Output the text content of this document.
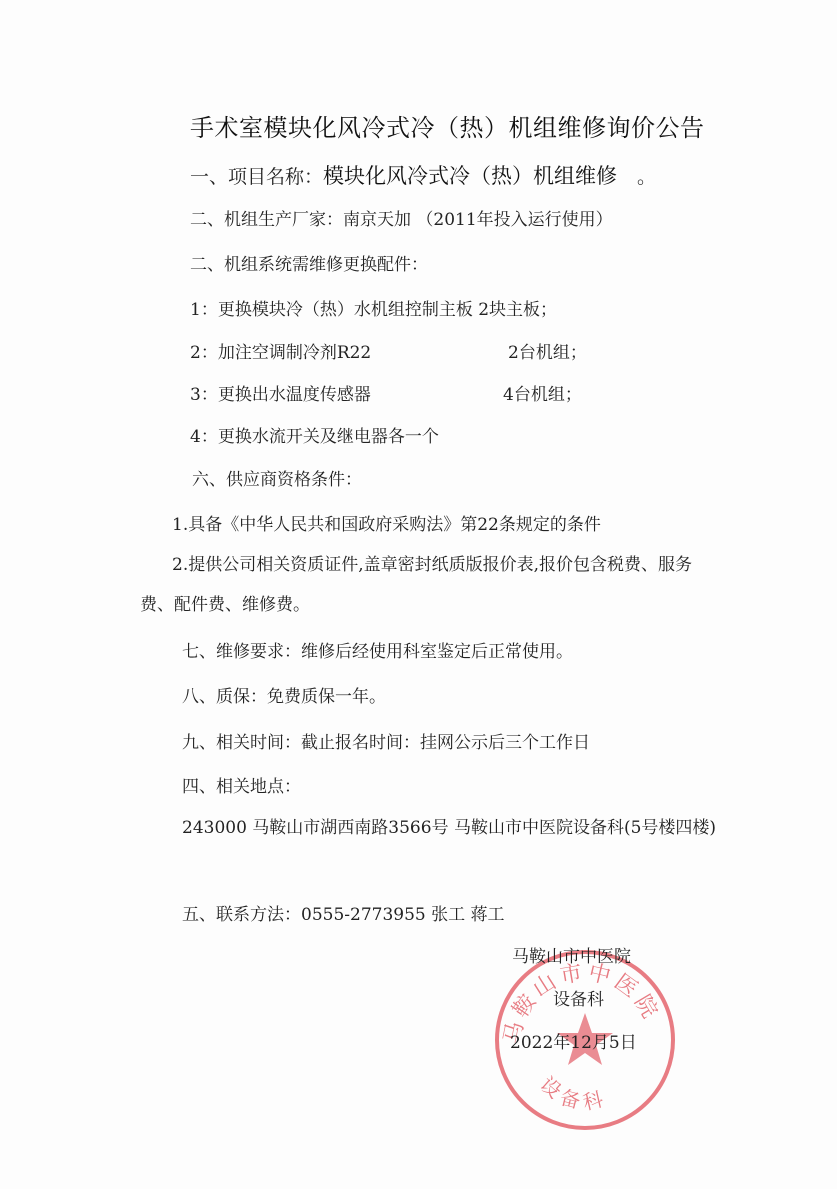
手术室模块化风冷式冷（热）机组维修询价公告
一、项目名称：模块化风冷式冷（热）机组维修 。
二、机组生产厂家：南京天加 （2011年投入运行使用）
二、机组系统需维修更换配件：
1：更换模块冷（热）水机组控制主板 2块主板；
2：加注空调制冷剂R22	2台机组；
3：更换出水温度传感器	4台机组；
4：更换水流开关及继电器各一个
六、供应商资格条件：
1.具备《中华人民共和国政府采购法》第22条规定的条件
2.提供公司相关资质证件,盖章密封纸质版报价表,报价包含税费、服务费、配件费、维修费。
七、维修要求：维修后经使用科室鉴定后正常使用。
八、质保：免费质保一年。
九、相关时间：截止报名时间：挂网公示后三个工作日
四、相关地点：
243000 马鞍山市湖西南路3566号 马鞍山市中医院设备科(5号楼四楼)
五、联系方法：0555-2773955 张工 蒋工
马鞍山市中医院
设备科
马鞍山市中医院
设备科
2022年12月5日
